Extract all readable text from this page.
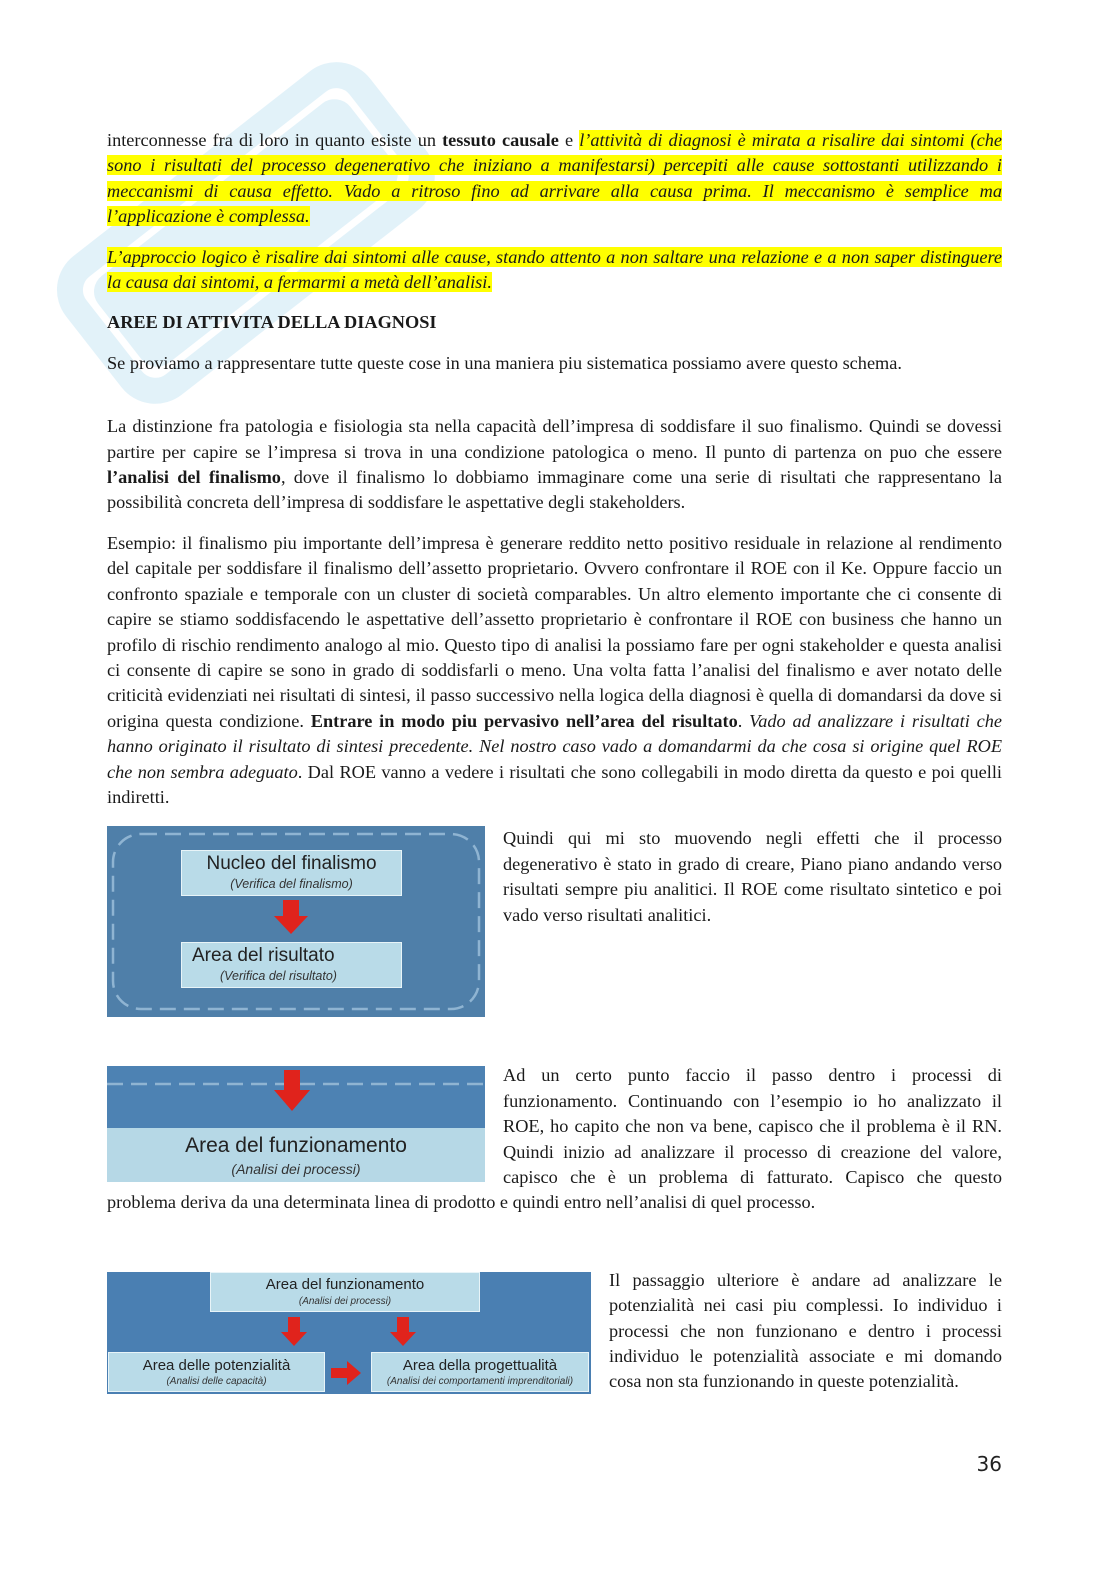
interconnesse fra di loro in quanto esiste un tessuto causale e l’attività di diagnosi è mirata a risalire dai sintomi (che sono i risultati del processo degenerativo che iniziano a manifestarsi) percepiti alle cause sottostanti utilizzando i meccanismi di causa effetto. Vado a ritroso fino ad arrivare alla causa prima. Il meccanismo è semplice ma l’applicazione è complessa.

L’approccio logico è risalire dai sintomi alle cause, stando attento a non saltare una relazione e a non saper distinguere la causa dai sintomi, a fermarmi a metà dell’analisi.

AREE DI ATTIVITA DELLA DIAGNOSI

Se proviamo a rappresentare tutte queste cose in una maniera piu sistematica possiamo avere questo schema.

La distinzione fra patologia e fisiologia sta nella capacità dell’impresa di soddisfare il suo finalismo. Quindi se dovessi partire per capire se l’impresa si trova in una condizione patologica o meno. Il punto di partenza on puo che essere l’analisi del finalismo, dove il finalismo lo dobbiamo immaginare come una serie di risultati che rappresentano la possibilità concreta dell’impresa di soddisfare le aspettative degli stakeholders.

Esempio: il finalismo piu importante dell’impresa è generare reddito netto positivo residuale in relazione al rendimento del capitale per soddisfare il finalismo dell’assetto proprietario. Ovvero confrontare il ROE con il Ke. Oppure faccio un confronto spaziale e temporale con un cluster di società comparables. Un altro elemento importante che ci consente di capire se stiamo soddisfacendo le aspettative dell’assetto proprietario è confrontare il ROE con business che hanno un profilo di rischio rendimento analogo al mio. Questo tipo di analisi la possiamo fare per ogni stakeholder e questa analisi ci consente di capire se sono in grado di soddisfarli o meno. Una volta fatta l’analisi del finalismo e aver notato delle criticità evidenziati nei risultati di sintesi, il passo successivo nella logica della diagnosi è quella di domandarsi da dove si origina questa condizione. Entrare in modo piu pervasivo nell’area del risultato. Vado ad analizzare i risultati che hanno originato il risultato di sintesi precedente. Nel nostro caso vado a domandarmi da che cosa si origine quel ROE che non sembra adeguato. Dal ROE vanno a vedere i risultati che sono collegabili in modo diretta da questo e poi quelli indiretti.

Nucleo del finalismo
(Verifica del finalismo)
Area del risultato
(Verifica del risultato)

Quindi qui mi sto muovendo negli effetti che il processo degenerativo è stato in grado di creare, Piano piano andando verso risultati sempre piu analitici. Il ROE come risultato sintetico e poi vado verso risultati analitici.

Area del funzionamento
(Analisi dei processi)

Ad un certo punto faccio il passo dentro i processi di funzionamento. Continuando con l’esempio io ho analizzato il ROE, ho capito che non va bene, capisco che il problema è il RN. Quindi inizio ad analizzare il processo di creazione del valore, capisco che è un problema di fatturato. Capisco che questo problema deriva da una determinata linea di prodotto e quindi entro nell’analisi di quel processo.

Area del funzionamento
(Analisi dei processi)
Area delle potenzialità
(Analisi delle capacità)
Area della progettualità
(Analisi dei comportamenti imprenditoriali)

Il passaggio ulteriore è andare ad analizzare le potenzialità nei casi piu complessi. Io individuo i processi che non funzionano e dentro i processi individuo le potenzialità associate e mi domando cosa non sta funzionando in queste potenzialità.

36
